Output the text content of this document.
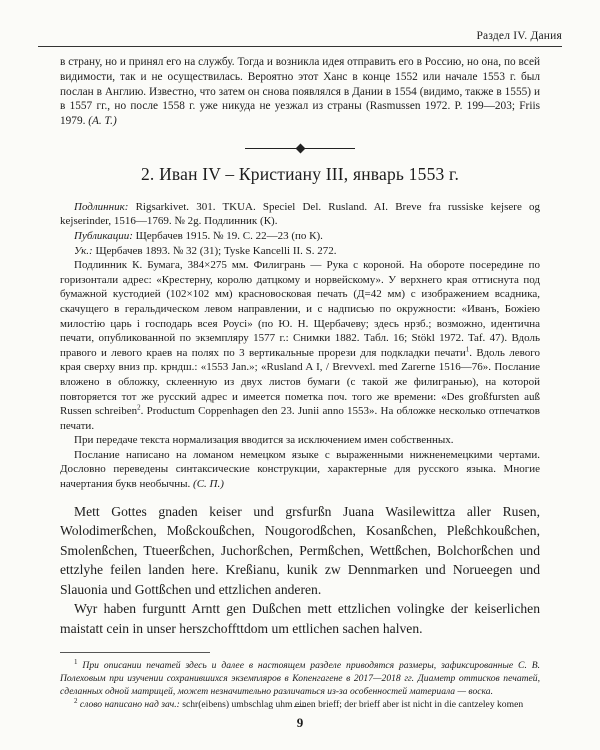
Раздел IV. Дания

в страну, но и принял его на службу. Тогда и возникла идея отправить его в Россию, но она, по всей видимости, так и не осуществилась. Вероятно этот Ханс в конце 1552 или начале 1553 г. был послан в Англию. Известно, что затем он снова появлялся в Дании в 1554 (видимо, также в 1555) и в 1557 гг., но после 1558 г. уже никуда не уезжал из страны (Rasmussen 1972. P. 199—203; Friis 1979. (А. Т.)

2. Иван IV – Кристиану III, январь 1553 г.

Подлинник: Rigsarkivet. 301. TKUA. Speciel Del. Rusland. AI. Breve fra russiske kejsere og kejserinder, 1516—1769. № 2g. Подлинник (К).

Публикации: Щербачев 1915. № 19. С. 22—23 (по К).

Ук.: Щербачев 1893. № 32 (31); Tyske Kancelli II. S. 272.

Подлинник К. Бумага, 384×275 мм. Филигрань — Рука с короной. На обороте посередине по горизонтали адрес: «Крестерну, королю датцкому и норвейcкому». У верхнего края оттиснута под бумажной кустодией (102×102 мм) красновосковая печать (Д=42 мм) с изображением всадника, скачущего в геральдическом левом направлении, и с надписью по окружности: «Иванъ, Божiею милостiю царь i господарь всея Роусi» (по Ю. Н. Щербачеву; здесь нрзб.; возможно, идентична печати, опубликованной по экземпляру 1577 г.: Снимки 1882. Табл. 16; Stökl 1972. Taf. 47). Вдоль правого и левого краев на полях по 3 вертикальные прорези для подкладки печати$^1$. Вдоль левого края сверху вниз пр. крндш.: «1553 Jan.»; «Rusland A I, / Brevvexl. med Zarerne 1516—76». Послание вложено в обложку, склеенную из двух листов бумаги (с такой же филигранью), на которой повторяется тот же русский адрес и имеется пометка поч. того же времени: «Des großfursten auß Russen schreiben$^2$. Productum Coppenhagen den 23. Junii anno 1553». На обложке несколько отпечатков печати.

При передаче текста нормализация вводится за исключением имен собственных.

Послание написано на ломаном немецком языке с выраженными нижненемецкими чертами. Дословно переведены синтаксические конструкции, характерные для русского языка. Многие начертания букв необычны. (С. П.)

Mett Gottes gnaden keiser und grsfurßn Juana Wasilewittza aller Rusen, Wolodimerßchen, Moßckoußchen, Nougorodßchen, Kosanßchen, Pleßchkoußchen, Smolenßchen, Ttueerßchen, Juchorßchen, Permßchen, Wettßchen, Bolchorßchen und ettzlyhe feilen landen here. Kreßianu, kunik zw Dennmarken und Norueegen und Slauonia und Gottßchen und ettzlichen anderen.

Wyr haben furguntt Arntt gen Dußchen mett ettzlichen volingke der keiserlichen maistatt cein in unser herszchoffttdom um ettlichen sachen halven.

$^1$ При описании печатей здесь и далее в настоящем разделе приводятся размеры, зафиксированные С. В. Полеховым при изучении сохранившихся экземпляров в Копенгагене в 2017—2018 гг. Диаметр оттисков печатей, сделанных одной матрицей, может незначительно различаться из-за особенностей материала — воска.

$^2$ слово написано над зач.: schr(eibens) umbschlag uhm einen brieff; der brieff aber ist nicht in die cantzeley komen

9
